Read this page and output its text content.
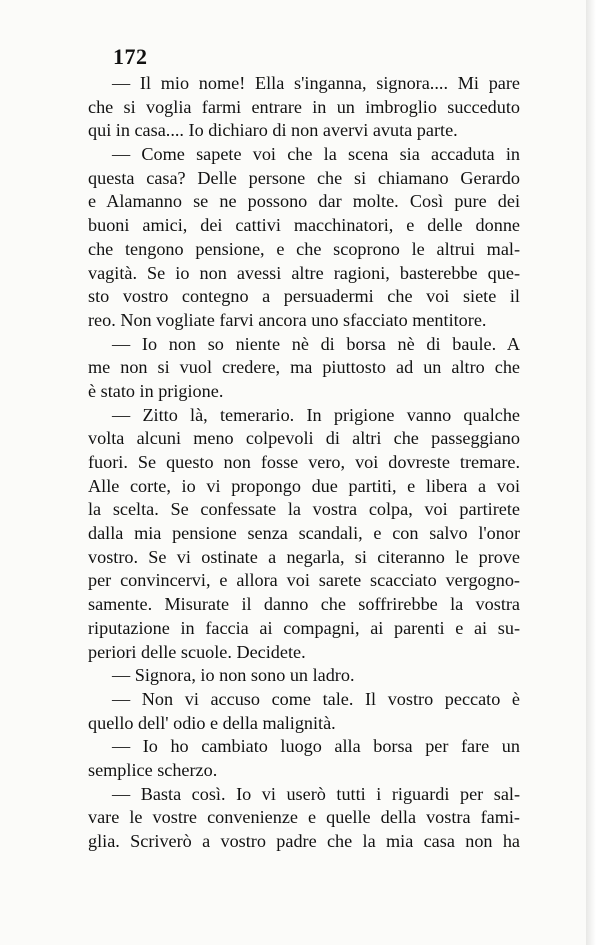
172
— Il mio nome! Ella s'inganna, signora.... Mi pare
che si voglia farmi entrare in un imbroglio succeduto
qui in casa.... Io dichiaro di non avervi avuta parte.
— Come sapete voi che la scena sia accaduta in
questa casa? Delle persone che si chiamano Gerardo
e Alamanno se ne possono dar molte. Così pure dei
buoni amici, dei cattivi macchinatori, e delle donne
che tengono pensione, e che scoprono le altrui mal-
vagità. Se io non avessi altre ragioni, basterebbe que-
sto vostro contegno a persuadermi che voi siete il
reo. Non vogliate farvi ancora uno sfacciato mentitore.
— Io non so niente nè di borsa nè di baule. A
me non si vuol credere, ma piuttosto ad un altro che
è stato in prigione.
— Zitto là, temerario. In prigione vanno qualche
volta alcuni meno colpevoli di altri che passeggiano
fuori. Se questo non fosse vero, voi dovreste tremare.
Alle corte, io vi propongo due partiti, e libera a voi
la scelta. Se confessate la vostra colpa, voi partirete
dalla mia pensione senza scandali, e con salvo l'onor
vostro. Se vi ostinate a negarla, si citeranno le prove
per convincervi, e allora voi sarete scacciato vergogno-
samente. Misurate il danno che soffrirebbe la vostra
riputazione in faccia ai compagni, ai parenti e ai su-
periori delle scuole. Decidete.
— Signora, io non sono un ladro.
— Non vi accuso come tale. Il vostro peccato è
quello dell' odio e della malignità.
— Io ho cambiato luogo alla borsa per fare un
semplice scherzo.
— Basta così. Io vi userò tutti i riguardi per sal-
vare le vostre convenienze e quelle della vostra fami-
glia. Scriverò a vostro padre che la mia casa non ha
